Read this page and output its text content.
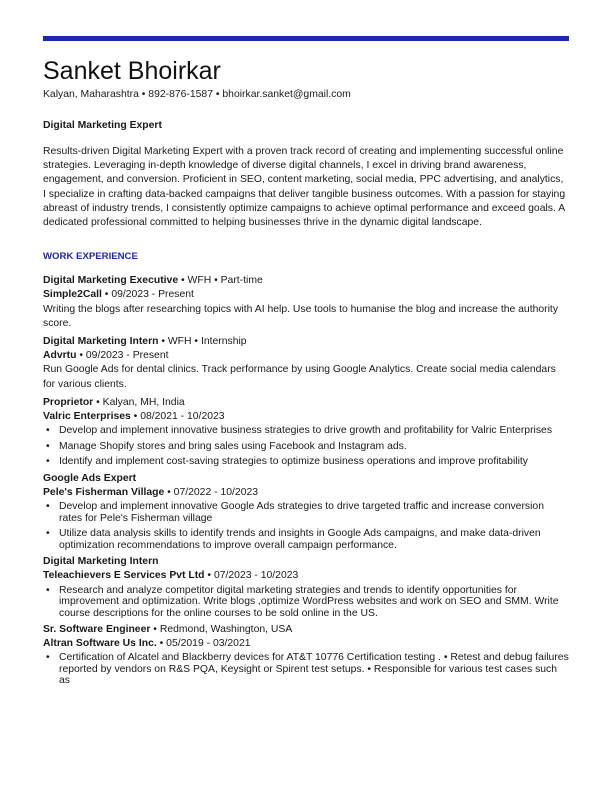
Sanket Bhoirkar
Kalyan, Maharashtra • 892-876-1587 • bhoirkar.sanket@gmail.com
Digital Marketing Expert
Results-driven Digital Marketing Expert with a proven track record of creating and implementing successful online strategies. Leveraging in-depth knowledge of diverse digital channels, I excel in driving brand awareness, engagement, and conversion. Proficient in SEO, content marketing, social media, PPC advertising, and analytics, I specialize in crafting data-backed campaigns that deliver tangible business outcomes. With a passion for staying abreast of industry trends, I consistently optimize campaigns to achieve optimal performance and exceed goals. A dedicated professional committed to helping businesses thrive in the dynamic digital landscape.
WORK EXPERIENCE
Digital Marketing Executive • WFH • Part-time
Simple2Call • 09/2023 - Present
Writing the blogs after researching topics with AI help. Use tools to humanise the blog and increase the authority score.
Digital Marketing Intern • WFH • Internship
Advrtu • 09/2023 - Present
Run Google Ads for dental clinics. Track performance by using Google Analytics. Create social media calendars for various clients.
Proprietor • Kalyan, MH, India
Valric Enterprises • 08/2021 - 10/2023
• Develop and implement innovative business strategies to drive growth and profitability for Valric Enterprises
• Manage Shopify stores and bring sales using Facebook and Instagram ads.
• Identify and implement cost-saving strategies to optimize business operations and improve profitability
Google Ads Expert
Pele's Fisherman Village • 07/2022 - 10/2023
• Develop and implement innovative Google Ads strategies to drive targeted traffic and increase conversion rates for Pele's Fisherman village
• Utilize data analysis skills to identify trends and insights in Google Ads campaigns, and make data-driven optimization recommendations to improve overall campaign performance.
Digital Marketing Intern
Teleachievers E Services Pvt Ltd • 07/2023 - 10/2023
• Research and analyze competitor digital marketing strategies and trends to identify opportunities for improvement and optimization. Write blogs ,optimize WordPress websites and work on SEO and SMM. Write course descriptions for the online courses to be sold online in the US.
Sr. Software Engineer • Redmond, Washington, USA
Altran Software Us Inc. • 05/2019 - 03/2021
• Certification of Alcatel and Blackberry devices for AT&T 10776 Certification testing . • Retest and debug failures reported by vendors on R&S PQA, Keysight or Spirent test setups. • Responsible for various test cases such as
